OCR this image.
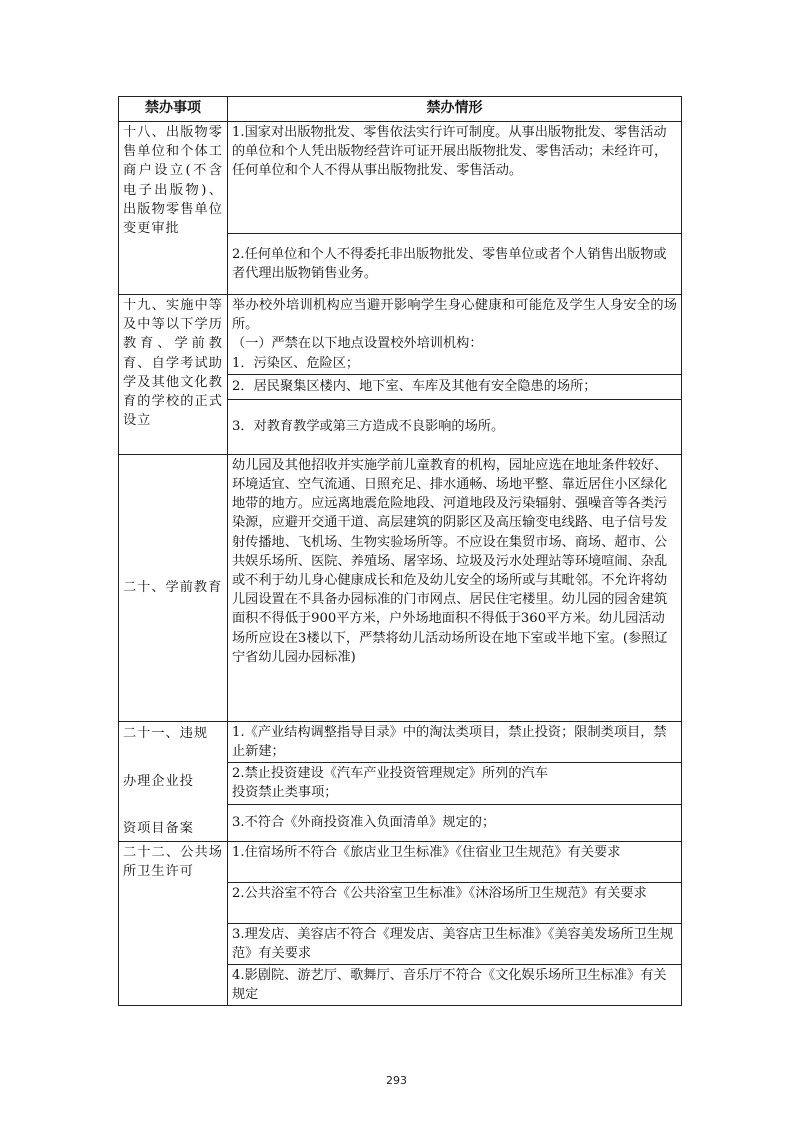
禁办事项	禁办情形
十八、出版物零售单位和个体工商户设立(不含电子出版物)、出版物零售单位变更审批	1.国家对出版物批发、零售依法实行许可制度。从事出版物批发、零售活动的单位和个人凭出版物经营许可证开展出版物批发、零售活动；未经许可，任何单位和个人不得从事出版物批发、零售活动。
	2.任何单位和个人不得委托非出版物批发、零售单位或者个人销售出版物或者代理出版物销售业务。
十九、实施中等及中等以下学历教育、学前教育、自学考试助学及其他文化教育的学校的正式设立	举办校外培训机构应当避开影响学生身心健康和可能危及学生人身安全的场所。
（一）严禁在以下地点设置校外培训机构：
1．污染区、危险区；

	2．居民聚集区楼内、地下室、车库及其他有安全隐患的场所；
	3．对教育教学或第三方造成不良影响的场所。
二十、学前教育	幼儿园及其他招收并实施学前儿童教育的机构，园址应选在地址条件较好、环境适宜、空气流通、日照充足、排水通畅、场地平整、靠近居住小区绿化地带的地方。应远离地震危险地段、河道地段及污染辐射、强噪音等各类污染源，应避开交通干道、高层建筑的阴影区及高压输变电线路、电子信号发射传播地、飞机场、生物实验场所等。不应设在集贸市场、商场、超市、公共娱乐场所、医院、养殖场、屠宰场、垃圾及污水处理站等环境喧闹、杂乱或不利于幼儿身心健康成长和危及幼儿安全的场所或与其毗邻。不允许将幼儿园设置在不具备办园标准的门市网点、居民住宅楼里。幼儿园的园舍建筑面积不得低于900平方米，户外场地面积不得低于360平方米。幼儿园活动场所应设在3楼以下，严禁将幼儿活动场所设在地下室或半地下室。(参照辽宁省幼儿园办园标准)

二十一、违规
办理企业投
资项目备案	1.《产业结构调整指导目录》中的淘汰类项目，禁止投资；限制类项目，禁止新建；

	2.禁止投资建设《汽车产业投资管理规定》所列的汽车
投资禁止类事项；

	3.不符合《外商投资准入负面清单》规定的；
二十二、公共场所卫生许可	1.住宿场所不符合《旅店业卫生标准》《住宿业卫生规范》有关要求
	2.公共浴室不符合《公共浴室卫生标准》《沐浴场所卫生规范》有关要求
	3.理发店、美容店不符合《理发店、美容店卫生标准》《美容美发场所卫生规范》有关要求
	4.影剧院、游艺厅、歌舞厅、音乐厅不符合《文化娱乐场所卫生标准》有关规定
293
